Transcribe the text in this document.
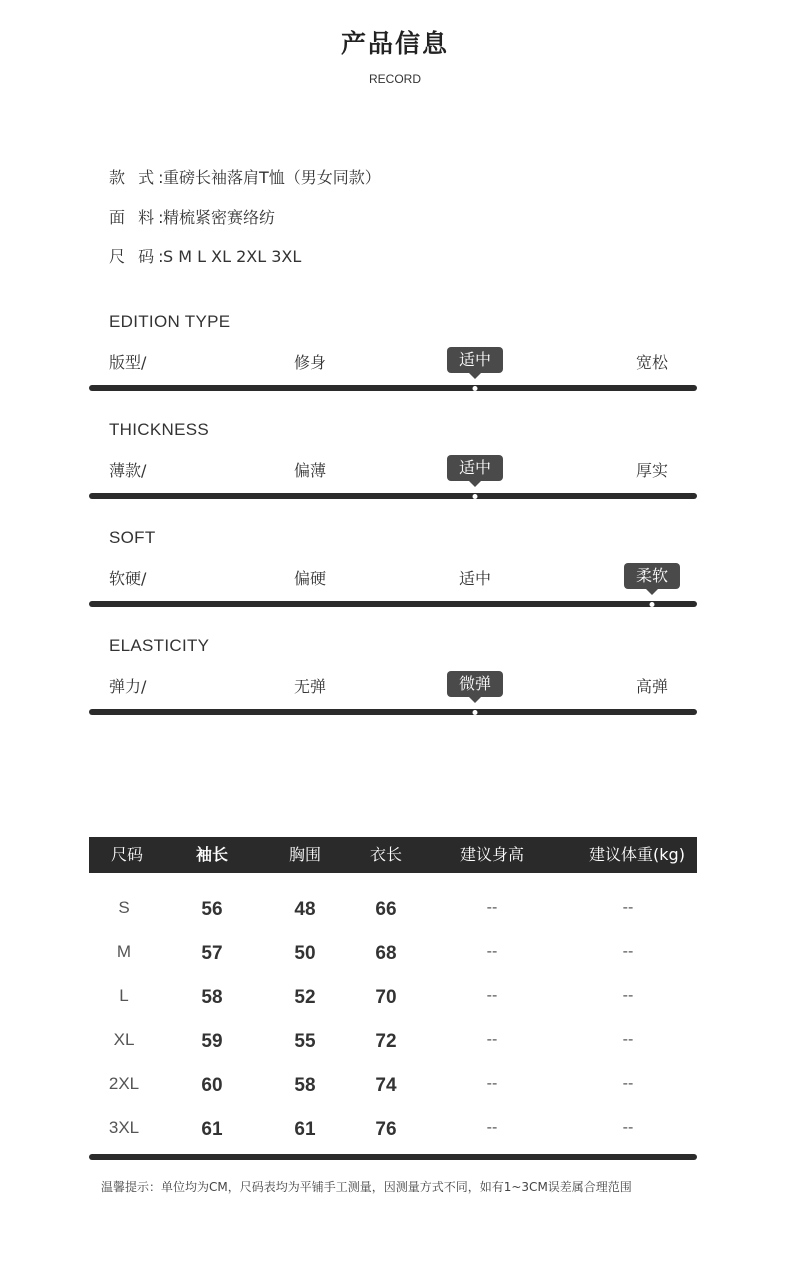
产品信息
RECORD
款 式:重磅长袖落肩T恤（男女同款）
面 料:精梳紧密赛络纺
尺 码:S M L XL 2XL 3XL
EDITION TYPE
版型/	修身	适中	宽松
THICKNESS
薄款/	偏薄	适中	厚实
SOFT
软硬/	偏硬	适中	柔软
ELASTICITY
弹力/	无弹	微弹	高弹
尺码	袖长	胸围	衣长	建议身高	建议体重(kg)
S	56	48	66	--	--
M	57	50	68	--	--
L	58	52	70	--	--
XL	59	55	72	--	--
2XL	60	58	74	--	--
3XL	61	61	76	--	--
温馨提示：单位均为CM，尺码表均为平铺手工测量，因测量方式不同，如有1~3CM误差属合理范围
